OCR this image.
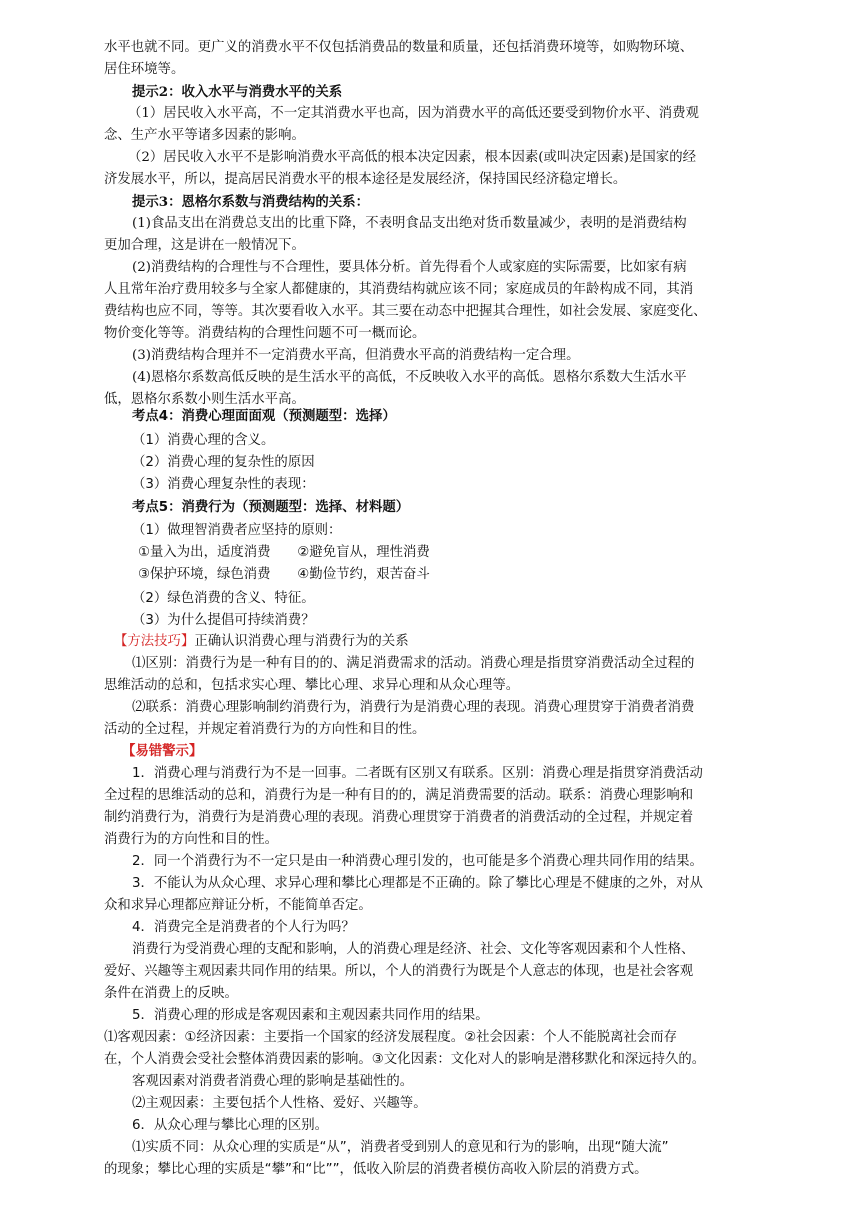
水平也就不同。更广义的消费水平不仅包括消费品的数量和质量，还包括消费环境等，如购物环境、
居住环境等。
提示2：收入水平与消费水平的关系
（1）居民收入水平高，不一定其消费水平也高，因为消费水平的高低还要受到物价水平、消费观
念、生产水平等诸多因素的影响。
（2）居民收入水平不是影响消费水平高低的根本决定因素，根本因素(或叫决定因素)是国家的经
济发展水平，所以，提高居民消费水平的根本途径是发展经济，保持国民经济稳定增长。
提示3：恩格尔系数与消费结构的关系：
(1)食品支出在消费总支出的比重下降，不表明食品支出绝对货币数量减少，表明的是消费结构
更加合理，这是讲在一般情况下。
(2)消费结构的合理性与不合理性，要具体分析。首先得看个人或家庭的实际需要，比如家有病
人且常年治疗费用较多与全家人都健康的，其消费结构就应该不同；家庭成员的年龄构成不同，其消
费结构也应不同，等等。其次要看收入水平。其三要在动态中把握其合理性，如社会发展、家庭变化、
物价变化等等。消费结构的合理性问题不可一概而论。
(3)消费结构合理并不一定消费水平高，但消费水平高的消费结构一定合理。
(4)恩格尔系数高低反映的是生活水平的高低，不反映收入水平的高低。恩格尔系数大生活水平
低，恩格尔系数小则生活水平高。
考点4：消费心理面面观（预测题型：选择）
（1）消费心理的含义。
（2）消费心理的复杂性的原因
（3）消费心理复杂性的表现：
考点5：消费行为（预测题型：选择、材料题）
（1）做理智消费者应坚持的原则：
①量入为出，适度消费　　②避免盲从，理性消费
③保护环境，绿色消费　　④勤俭节约，艰苦奋斗
（2）绿色消费的含义、特征。
（3）为什么提倡可持续消费？
【方法技巧】正确认识消费心理与消费行为的关系
⑴区别：消费行为是一种有目的的、满足消费需求的活动。消费心理是指贯穿消费活动全过程的
思维活动的总和，包括求实心理、攀比心理、求异心理和从众心理等。
⑵联系：消费心理影响制约消费行为，消费行为是消费心理的表现。消费心理贯穿于消费者消费
活动的全过程，并规定着消费行为的方向性和目的性。
【易错警示】
1．消费心理与消费行为不是一回事。二者既有区别又有联系。区别：消费心理是指贯穿消费活动
全过程的思维活动的总和，消费行为是一种有目的的，满足消费需要的活动。联系：消费心理影响和
制约消费行为，消费行为是消费心理的表现。消费心理贯穿于消费者的消费活动的全过程，并规定着
消费行为的方向性和目的性。
2．同一个消费行为不一定只是由一种消费心理引发的，也可能是多个消费心理共同作用的结果。
3．不能认为从众心理、求异心理和攀比心理都是不正确的。除了攀比心理是不健康的之外，对从
众和求异心理都应辩证分析，不能简单否定。
4．消费完全是消费者的个人行为吗？
消费行为受消费心理的支配和影响，人的消费心理是经济、社会、文化等客观因素和个人性格、
爱好、兴趣等主观因素共同作用的结果。所以，个人的消费行为既是个人意志的体现，也是社会客观
条件在消费上的反映。
5．消费心理的形成是客观因素和主观因素共同作用的结果。
⑴客观因素：①经济因素：主要指一个国家的经济发展程度。②社会因素：个人不能脱离社会而存
在，个人消费会受社会整体消费因素的影响。③文化因素：文化对人的影响是潜移默化和深远持久的。
客观因素对消费者消费心理的影响是基础性的。
⑵主观因素：主要包括个人性格、爱好、兴趣等。
6．从众心理与攀比心理的区别。
⑴实质不同：从众心理的实质是“从”，消费者受到别人的意见和行为的影响，出现“随大流”
的现象；攀比心理的实质是“攀”和“比””，低收入阶层的消费者模仿高收入阶层的消费方式。
